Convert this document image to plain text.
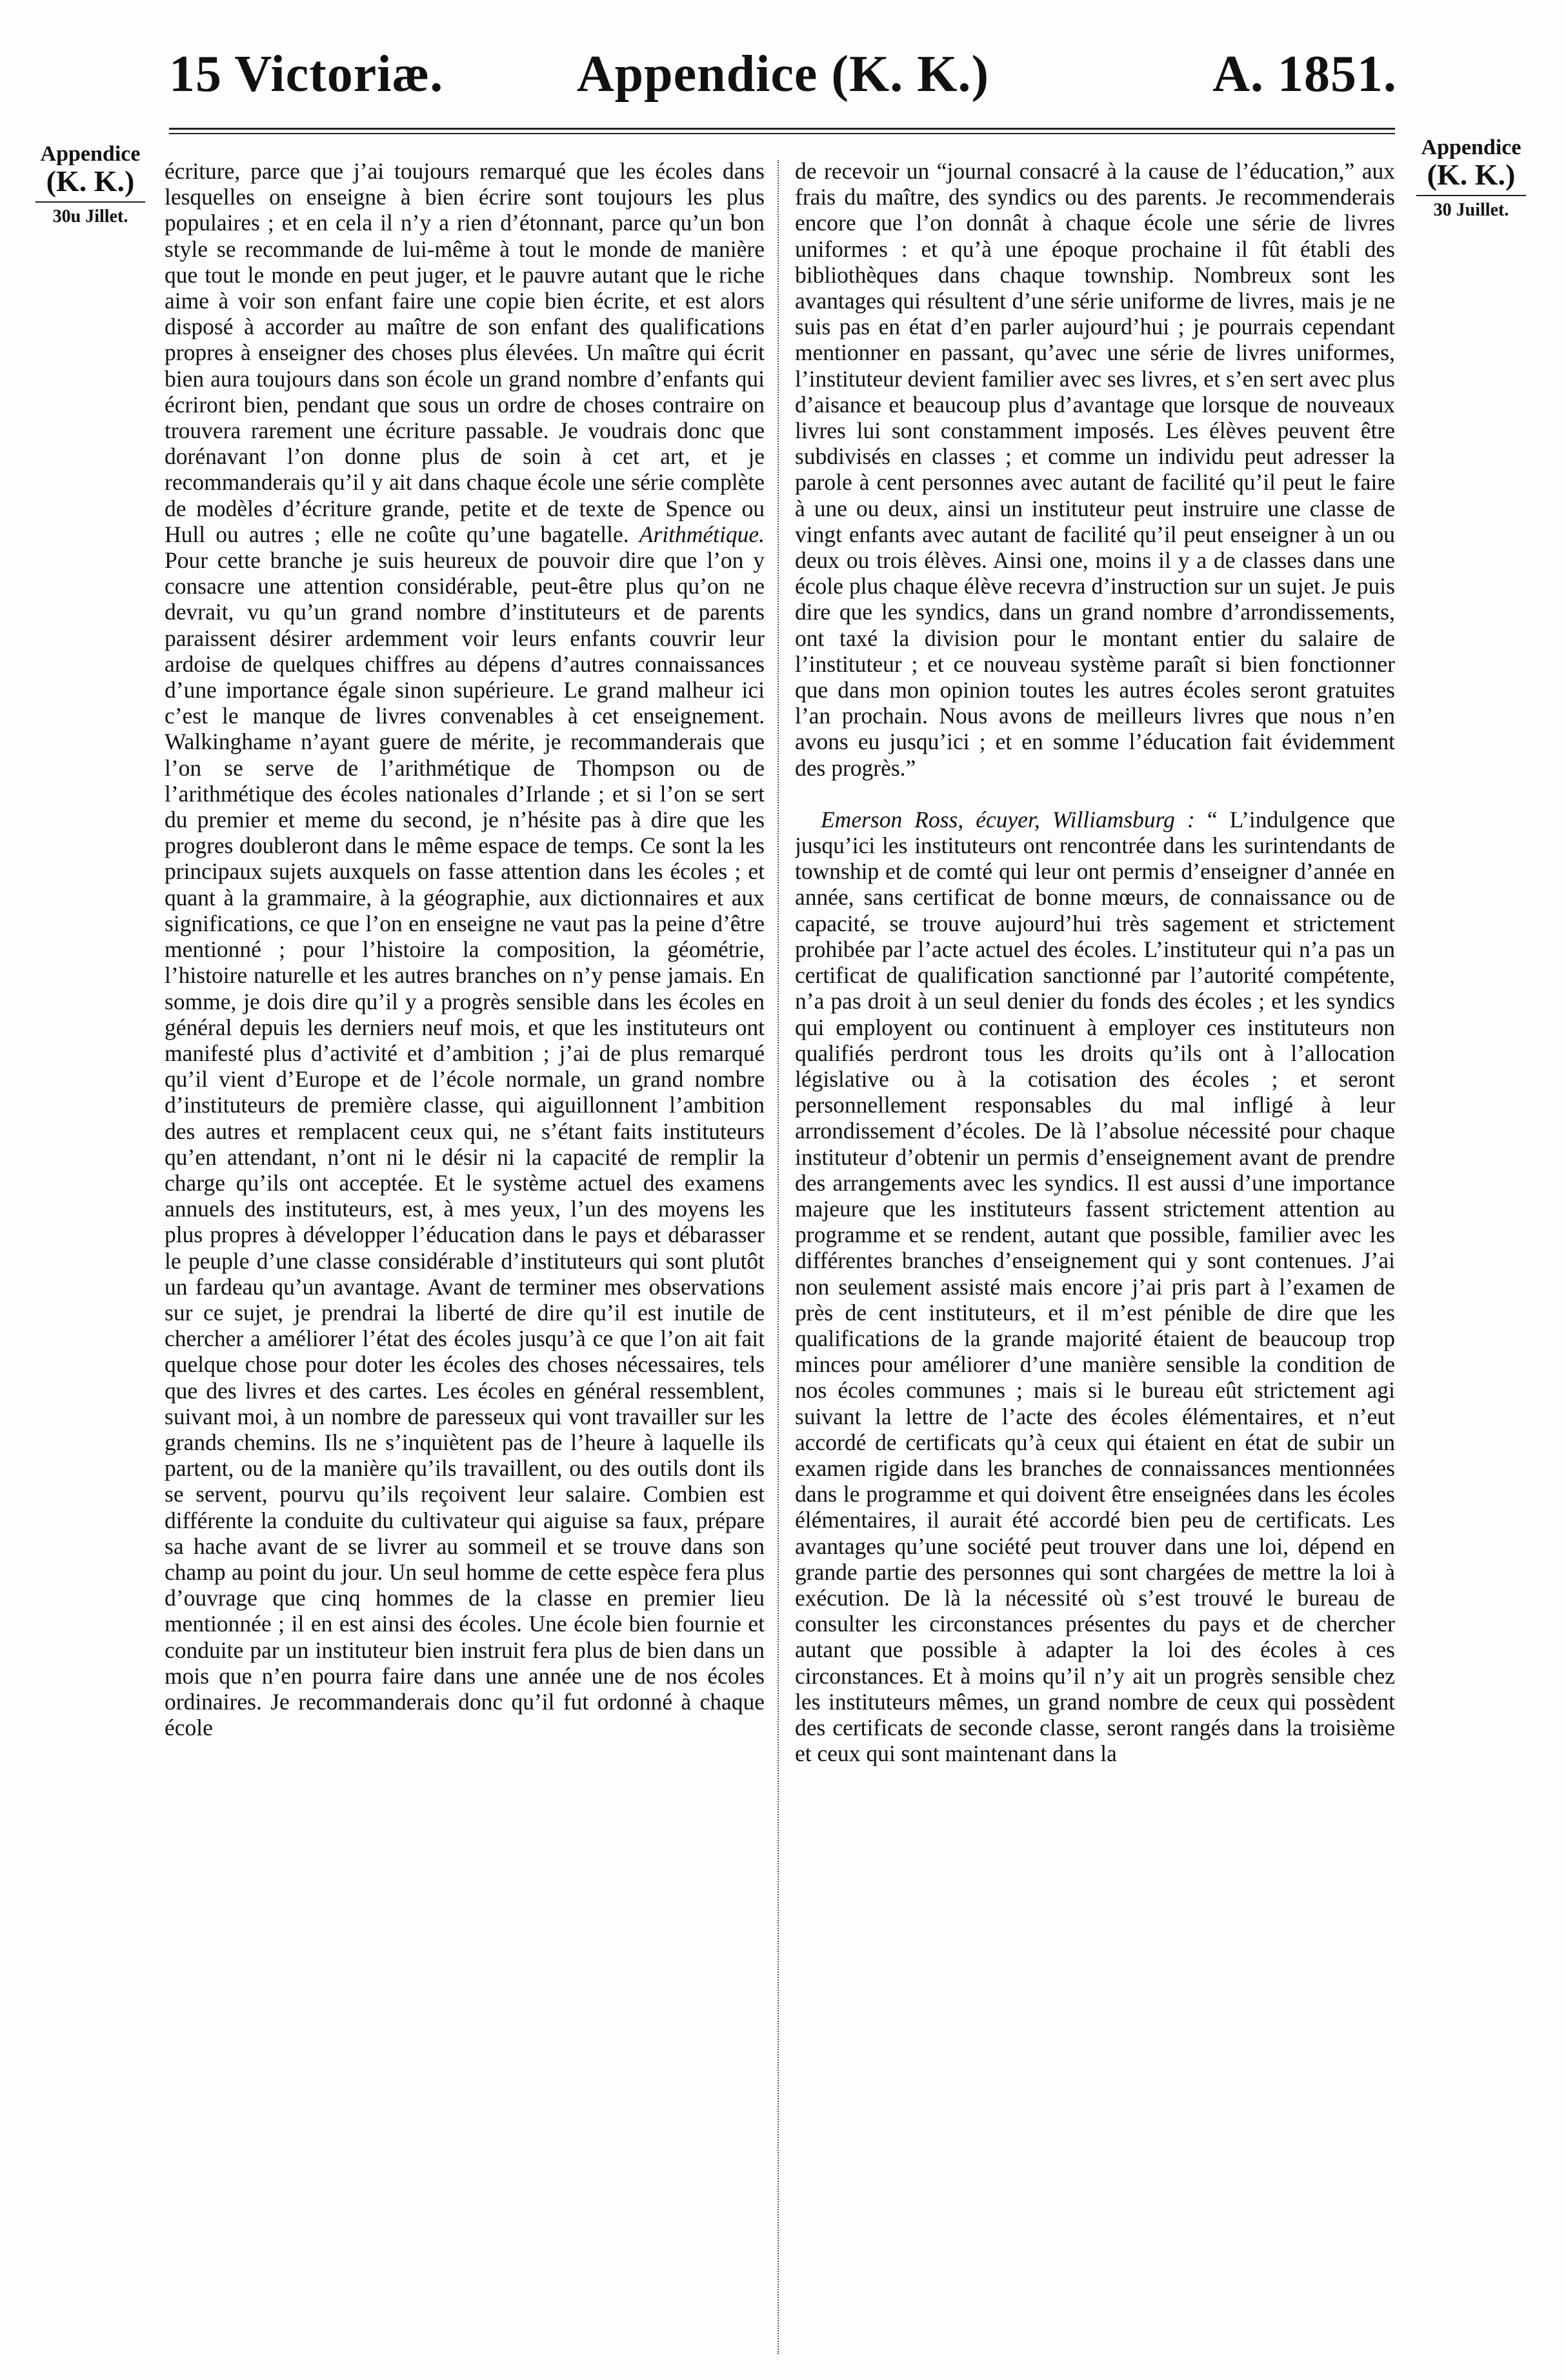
15 Victoriæ.	Appendice (K. K.)	A. 1851.
Appendice
(K. K.)
30u Jillet.
Appendice
(K. K.)
30 Juillet.

écriture, parce que j’ai toujours remarqué que les écoles dans lesquelles on enseigne à bien écrire sont toujours les plus populaires ; et en cela il n’y a rien d’étonnant, parce qu’un bon style se recommande de lui-même à tout le monde de manière que tout le monde en peut juger, et le pauvre autant que le riche aime à voir son enfant faire une copie bien écrite, et est alors disposé à accorder au maître de son enfant des qualifications propres à enseigner des choses plus élevées. Un maître qui écrit bien aura toujours dans son école un grand nombre d’enfants qui écriront bien, pendant que sous un ordre de choses contraire on trouvera rarement une écriture passable. Je voudrais donc que dorénavant l’on donne plus de soin à cet art, et je recommanderais qu’il y ait dans chaque école une série complète de modèles d’écriture grande, petite et de texte de Spence ou Hull ou autres ; elle ne coûte qu’une bagatelle. Arithmétique. Pour cette branche je suis heureux de pouvoir dire que l’on y consacre une attention considérable, peut-être plus qu’on ne devrait, vu qu’un grand nombre d’instituteurs et de parents paraissent désirer ardemment voir leurs enfants couvrir leur ardoise de quelques chiffres au dépens d’autres connaissances d’une importance égale sinon supérieure. Le grand malheur ici c’est le manque de livres convenables à cet enseignement. Walkinghame n’ayant guere de mérite, je recommanderais que l’on se serve de l’arithmétique de Thompson ou de l’arithmétique des écoles nationales d’Irlande ; et si l’on se sert du premier et meme du second, je n’hésite pas à dire que les progres doubleront dans le même espace de temps. Ce sont la les principaux sujets auxquels on fasse attention dans les écoles ; et quant à la grammaire, à la géographie, aux dictionnaires et aux significations, ce que l’on en enseigne ne vaut pas la peine d’être mentionné ; pour l’histoire la composition, la géométrie, l’histoire naturelle et les autres branches on n’y pense jamais. En somme, je dois dire qu’il y a progrès sensible dans les écoles en général depuis les derniers neuf mois, et que les instituteurs ont manifesté plus d’activité et d’ambition ; j’ai de plus remarqué qu’il vient d’Europe et de l’école normale, un grand nombre d’instituteurs de première classe, qui aiguillonnent l’ambition des autres et remplacent ceux qui, ne s’étant faits instituteurs qu’en attendant, n’ont ni le désir ni la capacité de remplir la charge qu’ils ont acceptée. Et le système actuel des examens annuels des instituteurs, est, à mes yeux, l’un des moyens les plus propres à développer l’éducation dans le pays et débarasser le peuple d’une classe considérable d’instituteurs qui sont plutôt un fardeau qu’un avantage. Avant de terminer mes observations sur ce sujet, je prendrai la liberté de dire qu’il est inutile de chercher a améliorer l’état des écoles jusqu’à ce que l’on ait fait quelque chose pour doter les écoles des choses nécessaires, tels que des livres et des cartes. Les écoles en général ressemblent, suivant moi, à un nombre de paresseux qui vont travailler sur les grands chemins. Ils ne s’inquiètent pas de l’heure à laquelle ils partent, ou de la manière qu’ils travaillent, ou des outils dont ils se servent, pourvu qu’ils reçoivent leur salaire. Combien est différente la conduite du cultivateur qui aiguise sa faux, prépare sa hache avant de se livrer au sommeil et se trouve dans son champ au point du jour. Un seul homme de cette espèce fera plus d’ouvrage que cinq hommes de la classe en premier lieu mentionnée ; il en est ainsi des écoles. Une école bien fournie et conduite par un instituteur bien instruit fera plus de bien dans un mois que n’en pourra faire dans une année une de nos écoles ordinaires. Je recommanderais donc qu’il fut ordonné à chaque école

de recevoir un “journal consacré à la cause de l’éducation,” aux frais du maître, des syndics ou des parents. Je recommenderais encore que l’on donnât à chaque école une série de livres uniformes : et qu’à une époque prochaine il fût établi des bibliothèques dans chaque township. Nombreux sont les avantages qui résultent d’une série uniforme de livres, mais je ne suis pas en état d’en parler aujourd’hui ; je pourrais cependant mentionner en passant, qu’avec une série de livres uniformes, l’instituteur devient familier avec ses livres, et s’en sert avec plus d’aisance et beaucoup plus d’avantage que lorsque de nouveaux livres lui sont constamment imposés. Les élèves peuvent être subdivisés en classes ; et comme un individu peut adresser la parole à cent personnes avec autant de facilité qu’il peut le faire à une ou deux, ainsi un instituteur peut instruire une classe de vingt enfants avec autant de facilité qu’il peut enseigner à un ou deux ou trois élèves. Ainsi one, moins il y a de classes dans une école plus chaque élève recevra d’instruction sur un sujet. Je puis dire que les syndics, dans un grand nombre d’arrondissements, ont taxé la division pour le montant entier du salaire de l’instituteur ; et ce nouveau système paraît si bien fonctionner que dans mon opinion toutes les autres écoles seront gratuites l’an prochain. Nous avons de meilleurs livres que nous n’en avons eu jusqu’ici ; et en somme l’éducation fait évidemment des progrès.”

Emerson Ross, écuyer, Williamsburg : “ L’indulgence que jusqu’ici les instituteurs ont rencontrée dans les surintendants de township et de comté qui leur ont permis d’enseigner d’année en année, sans certificat de bonne mœurs, de connaissance ou de capacité, se trouve aujourd’hui très sagement et strictement prohibée par l’acte actuel des écoles. L’instituteur qui n’a pas un certificat de qualification sanctionné par l’autorité compétente, n’a pas droit à un seul denier du fonds des écoles ; et les syndics qui employent ou continuent à employer ces instituteurs non qualifiés perdront tous les droits qu’ils ont à l’allocation législative ou à la cotisation des écoles ; et seront personnellement responsables du mal infligé à leur arrondissement d’écoles. De là l’absolue nécessité pour chaque instituteur d’obtenir un permis d’enseignement avant de prendre des arrangements avec les syndics. Il est aussi d’une importance majeure que les instituteurs fassent strictement attention au programme et se rendent, autant que possible, familier avec les différentes branches d’enseignement qui y sont contenues. J’ai non seulement assisté mais encore j’ai pris part à l’examen de près de cent instituteurs, et il m’est pénible de dire que les qualifications de la grande majorité étaient de beaucoup trop minces pour améliorer d’une manière sensible la condition de nos écoles communes ; mais si le bureau eût strictement agi suivant la lettre de l’acte des écoles élémentaires, et n’eut accordé de certificats qu’à ceux qui étaient en état de subir un examen rigide dans les branches de connaissances mentionnées dans le programme et qui doivent être enseignées dans les écoles élémentaires, il aurait été accordé bien peu de certificats. Les avantages qu’une société peut trouver dans une loi, dépend en grande partie des personnes qui sont chargées de mettre la loi à exécution. De là la nécessité où s’est trouvé le bureau de consulter les circonstances présentes du pays et de chercher autant que possible à adapter la loi des écoles à ces circonstances. Et à moins qu’il n’y ait un progrès sensible chez les instituteurs mêmes, un grand nombre de ceux qui possèdent des certificats de seconde classe, seront rangés dans la troisième et ceux qui sont maintenant dans la
